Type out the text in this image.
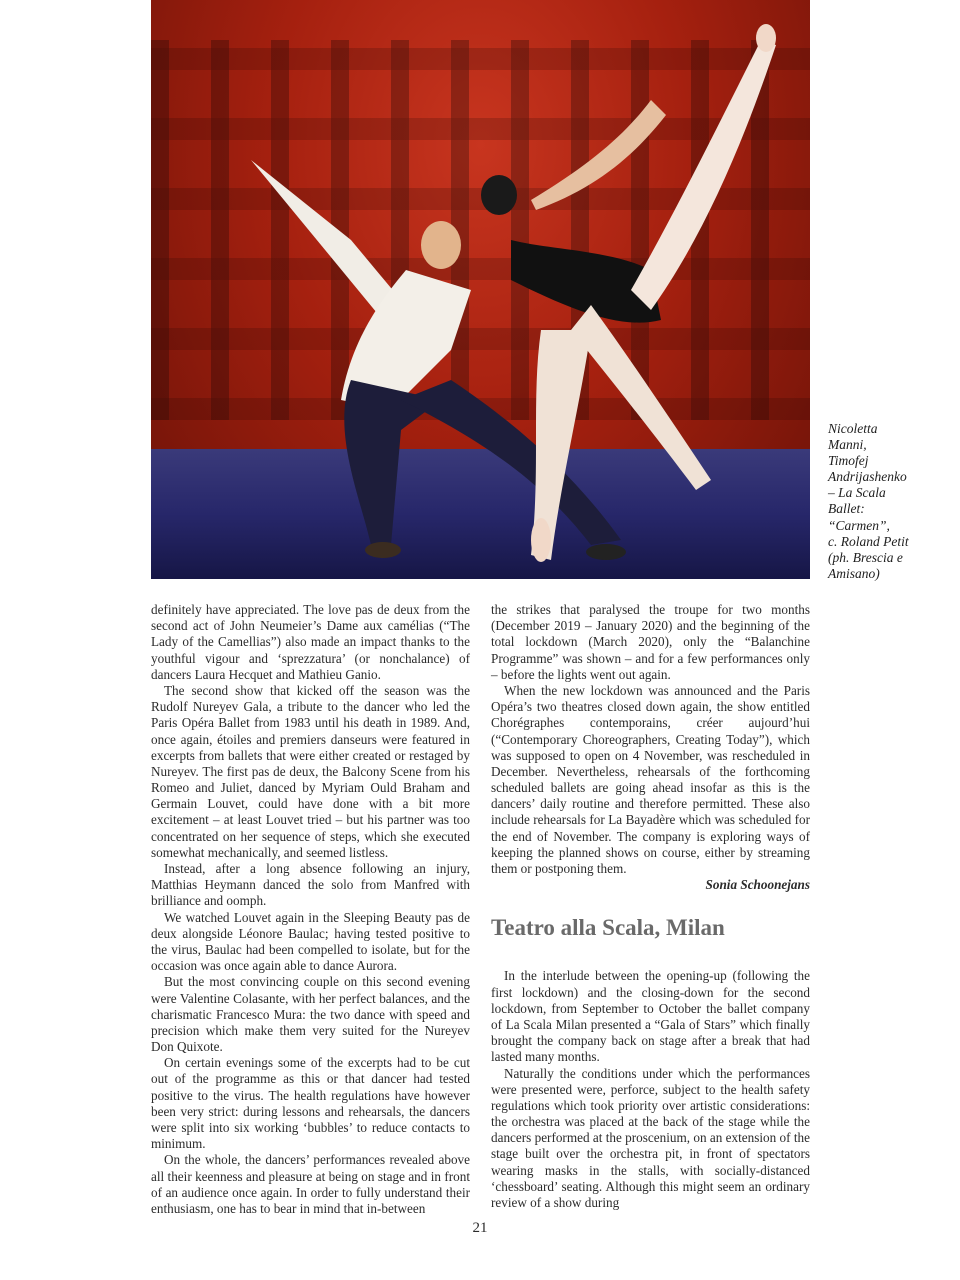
Nicoletta

Manni,

Timofej

Andrijashenko

– La Scala

Ballet:

“Carmen”,

c. Roland Petit

(ph. Brescia e

Amisano)

definitely have appreciated. The love pas de deux from the second act of John Neumeier’s Dame aux camélias (“The Lady of the Camellias”) also made an impact thanks to the youthful vigour and ‘sprezzatura’ (or nonchalance) of dancers Laura Hecquet and Mathieu Ganio.

The second show that kicked off the season was the Rudolf Nureyev Gala, a tribute to the dancer who led the Paris Opéra Ballet from 1983 until his death in 1989. And, once again, étoiles and premiers danseurs were featured in excerpts from ballets that were either created or restaged by Nureyev. The first pas de deux, the Balcony Scene from his Romeo and Juliet, danced by Myriam Ould Braham and Germain Louvet, could have done with a bit more excitement – at least Louvet tried – but his partner was too concentrated on her sequence of steps, which she executed somewhat mechanically, and seemed listless.

Instead, after a long absence following an injury, Matthias Heymann danced the solo from Manfred with brilliance and oomph.

We watched Louvet again in the Sleeping Beauty pas de deux alongside Léonore Baulac; having tested positive to the virus, Baulac had been compelled to isolate, but for the occasion was once again able to dance Aurora.

But the most convincing couple on this second evening were Valentine Colasante, with her perfect balances, and the charismatic Francesco Mura: the two dance with speed and precision which make them very suited for the Nureyev Don Quixote.

On certain evenings some of the excerpts had to be cut out of the programme as this or that dancer had tested positive to the virus. The health regulations have however been very strict: during lessons and rehearsals, the dancers were split into six working ‘bubbles’ to reduce contacts to minimum.

On the whole, the dancers’ performances revealed above all their keenness and pleasure at being on stage and in front of an audience once again. In order to fully understand their enthusiasm, one has to bear in mind that in-between

the strikes that paralysed the troupe for two months (December 2019 – January 2020) and the beginning of the total lockdown (March 2020), only the “Balanchine Programme” was shown – and for a few performances only – before the lights went out again.

When the new lockdown was announced and the Paris Opéra’s two theatres closed down again, the show entitled Chorégraphes contemporains, créer aujourd’hui (“Contemporary Choreographers, Creating Today”), which was supposed to open on 4 November, was rescheduled in December. Nevertheless, rehearsals of the forthcoming scheduled ballets are going ahead insofar as this is the dancers’ daily routine and therefore permitted. These also include rehearsals for La Bayadère which was scheduled for the end of November. The company is exploring ways of keeping the planned shows on course, either by streaming them or postponing them.

Sonia Schoonejans

Teatro alla Scala, Milan

In the interlude between the opening-up (following the first lockdown) and the closing-down for the second lockdown, from September to October the ballet company of La Scala Milan presented a “Gala of Stars” which finally brought the company back on stage after a break that had lasted many months.

Naturally the conditions under which the performances were presented were, perforce, subject to the health safety regulations which took priority over artistic considerations: the orchestra was placed at the back of the stage while the dancers performed at the proscenium, on an extension of the stage built over the orchestra pit, in front of spectators wearing masks in the stalls, with socially-distanced ‘chessboard’ seating. Although this might seem an ordinary review of a show during

21
